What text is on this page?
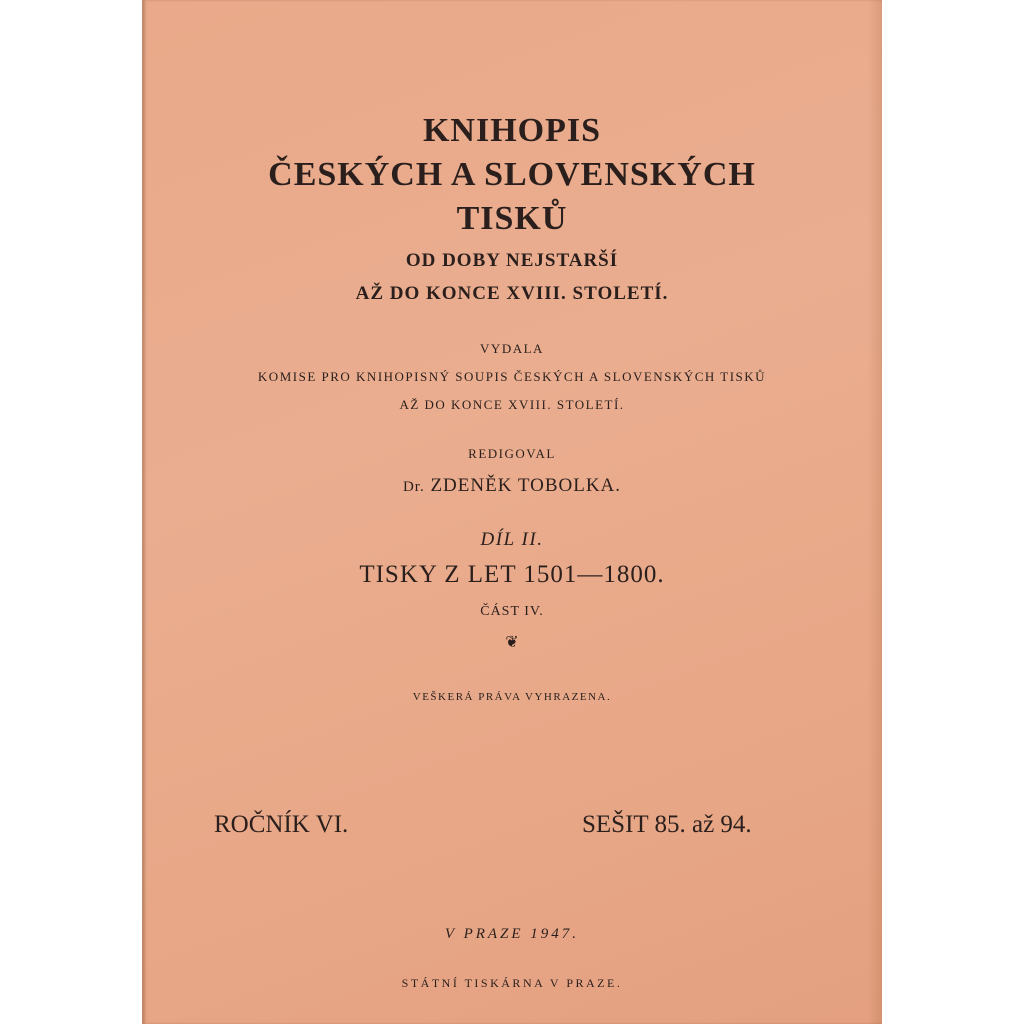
KNIHOPIS
ČESKÝCH A SLOVENSKÝCH
TISKŮ
OD DOBY NEJSTARŠÍ
AŽ DO KONCE XVIII. STOLETÍ.
VYDALA
KOMISE PRO KNIHOPISNÝ SOUPIS ČESKÝCH A SLOVENSKÝCH TISKŮ
AŽ DO KONCE XVIII. STOLETÍ.
REDIGOVAL
Dr. ZDENĚK TOBOLKA.
DÍL II.
TISKY Z LET 1501—1800.
ČÁST IV.
❦
VEŠKERÁ PRÁVA VYHRAZENA.
ROČNÍK VI.	SEŠIT 85. až 94.
V PRAZE 1947.
STÁTNÍ TISKÁRNA V PRAZE.
